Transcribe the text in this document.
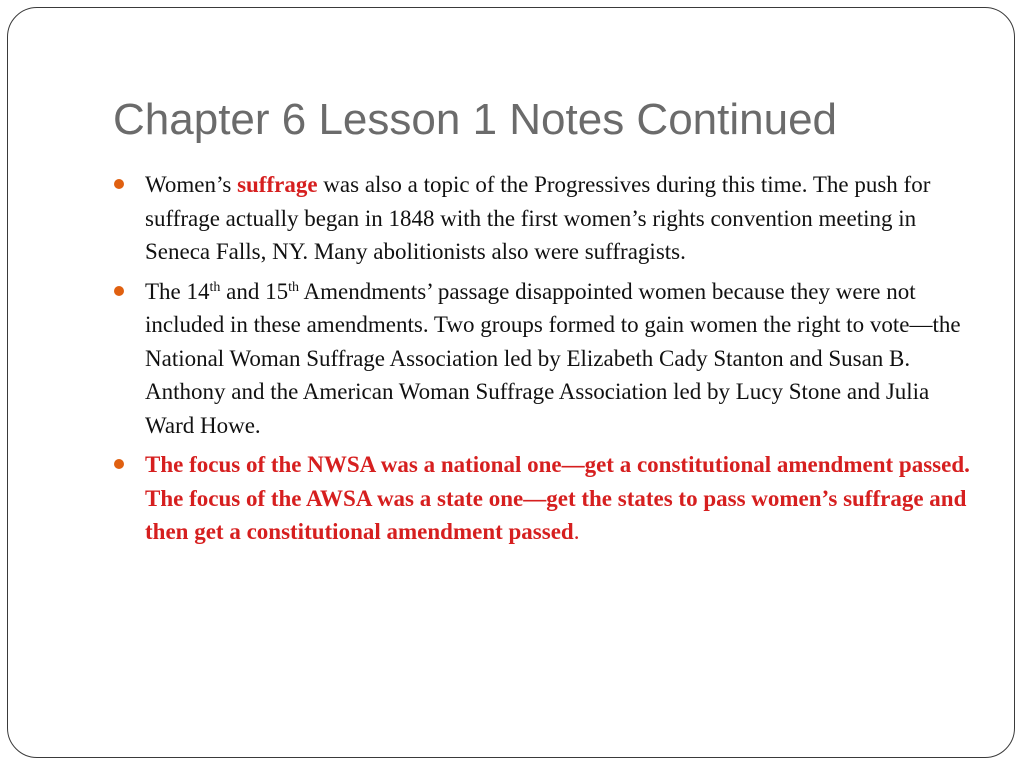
Chapter 6 Lesson 1 Notes Continued
Women’s suffrage was also a topic of the Progressives during this time. The push for suffrage actually began in 1848 with the first women’s rights convention meeting in Seneca Falls, NY. Many abolitionists also were suffragists.
The 14th and 15th Amendments’ passage disappointed women because they were not included in these amendments. Two groups formed to gain women the right to vote—the National Woman Suffrage Association led by Elizabeth Cady Stanton and Susan B. Anthony and the American Woman Suffrage Association led by Lucy Stone and Julia Ward Howe.
The focus of the NWSA was a national one—get a constitutional amendment passed. The focus of the AWSA was a state one—get the states to pass women’s suffrage and then get a constitutional amendment passed.
